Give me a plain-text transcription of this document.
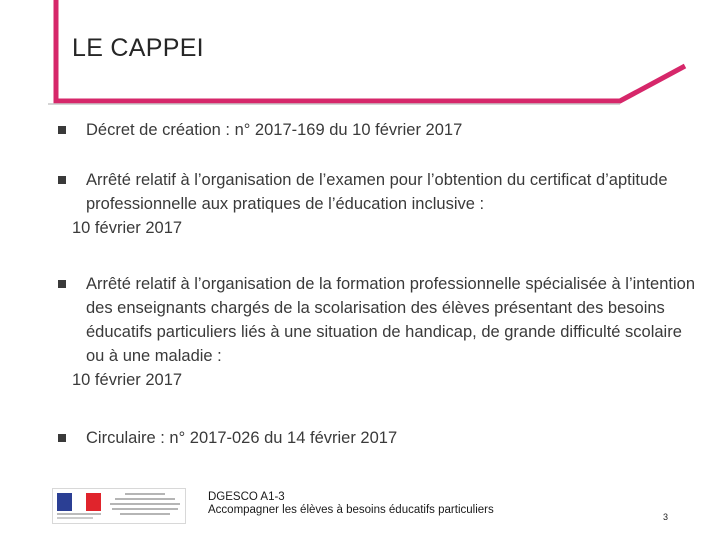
LE CAPPEI

Décret de création : n° 2017-169 du 10 février 2017

Arrêté relatif à l’organisation de l’examen pour l’obtention du certificat d’aptitude professionnelle aux pratiques de l’éducation inclusive :

10 février 2017

Arrêté relatif à l’organisation de la formation professionnelle spécialisée à l’intention des enseignants chargés de la scolarisation des élèves présentant des besoins éducatifs particuliers liés à une situation de handicap, de grande difficulté scolaire ou à une maladie :

10 février 2017

Circulaire : n° 2017-026 du 14 février 2017

DGESCO A1-3
Accompagner les élèves à besoins éducatifs particuliers
3
